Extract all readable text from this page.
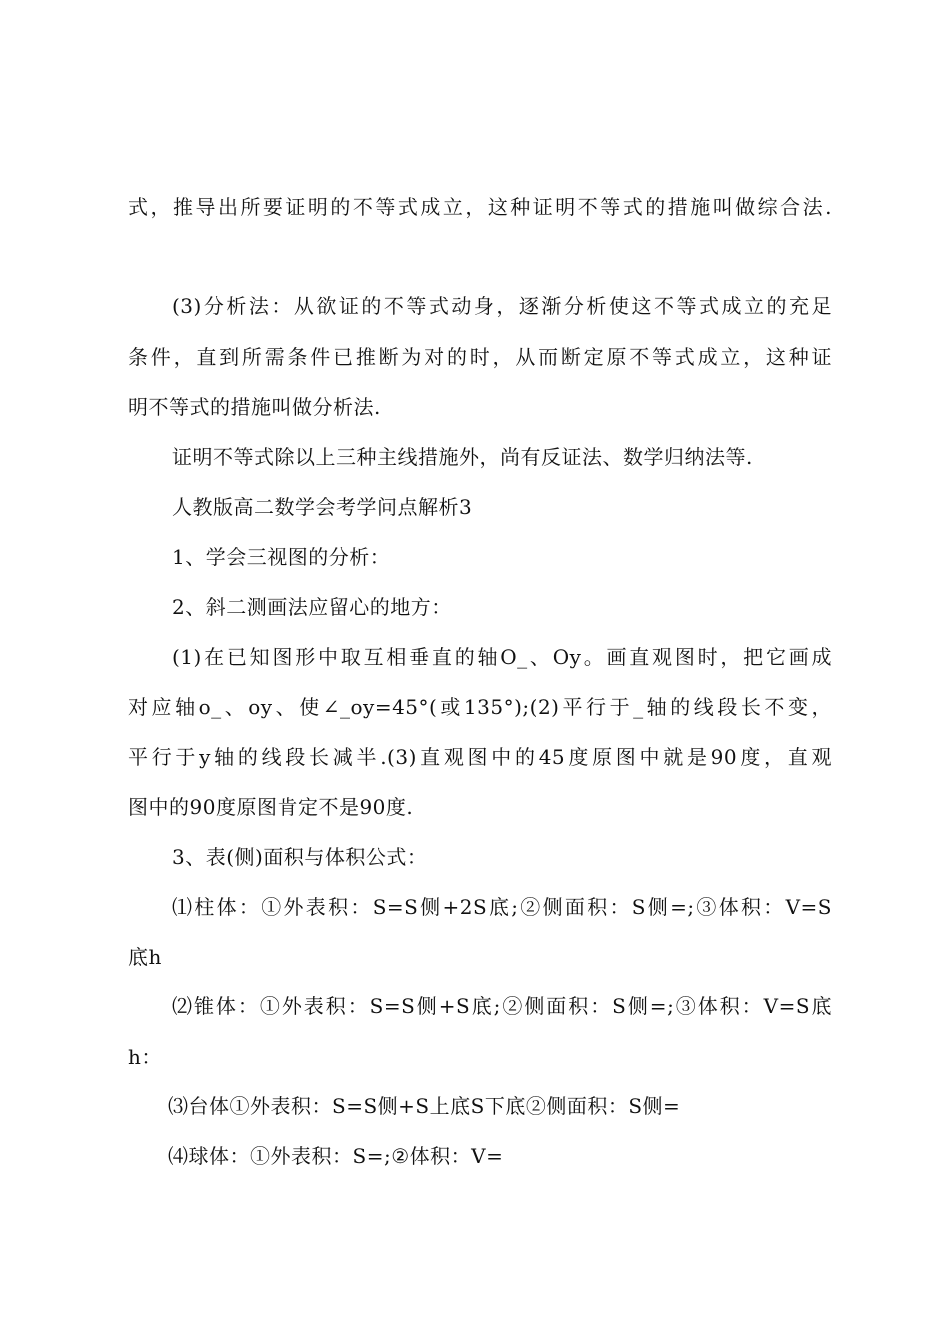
式，推导出所要证明的不等式成立，这种证明不等式的措施叫做综合法.
(3)分析法：从欲证的不等式动身，逐渐分析使这不等式成立的充足
条件，直到所需条件已推断为对的时，从而断定原不等式成立，这种证
明不等式的措施叫做分析法.
证明不等式除以上三种主线措施外，尚有反证法、数学归纳法等.
人教版高二数学会考学问点解析3
1、学会三视图的分析：
2、斜二测画法应留心的地方：
(1)在已知图形中取互相垂直的轴O_、Oy。画直观图时，把它画成
对应轴o_、oy、使∠_oy=45°(或135°);(2)平行于_轴的线段长不变，
平行于y轴的线段长减半.(3)直观图中的45度原图中就是90度，直观
图中的90度原图肯定不是90度.
3、表(侧)面积与体积公式：
⑴柱体：①外表积：S=S侧+2S底;②侧面积：S侧=;③体积：V=S
底h
⑵锥体：①外表积：S=S侧+S底;②侧面积：S侧=;③体积：V=S底
h：
⑶台体①外表积：S=S侧+S上底S下底②侧面积：S侧=
⑷球体：①外表积：S=;②体积：V=
